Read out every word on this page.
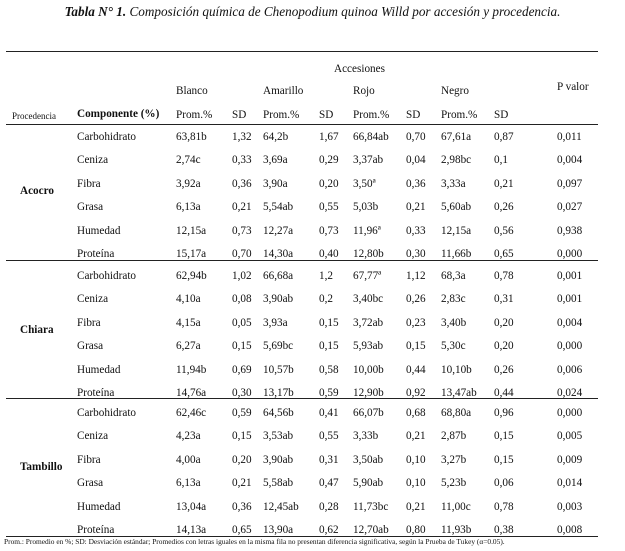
Tabla N° 1. Composición química de Chenopodium quinoa Willd por accesión y procedencia.
Accesiones
P valor
Blanco
Prom.% SD
Amarillo
Prom.% SD
Rojo
Prom.% SD
Negro
Prom.% SD
Procedencia Componente (%)
Acocro
Carbohidrato	63,81b 1,32 64,2b	1,67 66,84ab 0,70 67,61a 0,87	0,011
Ceniza	2,74c	0,33 3,69a	0,29 3,37ab 0,04 2,98bc 0,1	0,004
Fibra	3,92a	0,36 3,90a	0,20 3,50ª	0,36 3,33a	0,21	0,097
Grasa	6,13a	0,21 5,54ab 0,55 5,03b 0,21 5,60ab 0,26	0,027
Humedad	12,15a 0,73 12,27a 0,73 11,96ª 0,33 12,15a 0,56	0,938
Proteína	15,17a 0,70 14,30a 0,40 12,80b 0,30 11,66b 0,65	0,000
Chiara
Carbohidrato	62,94b 1,02 66,68a 1,2 67,77ª 1,12 68,3a	0,78	0,001
Ceniza	4,10a	0,08 3,90ab 0,2 3,40bc 0,26 2,83c	0,31	0,001
Fibra	4,15a	0,05 3,93a	0,15 3,72ab 0,23 3,40b 0,20	0,004
Grasa	6,27a	0,15 5,69bc 0,15 5,93ab 0,15 5,30c	0,20	0,000
Humedad	11,94b 0,69 10,57b 0,58 10,00b 0,44 10,10b 0,26	0,006
Proteína	14,76a 0,30 13,17b 0,59 12,90b 0,92 13,47ab 0,44	0,024
Tambillo
Carbohidrato	62,46c 0,59 64,56b 0,41 66,07b 0,68 68,80a 0,96	0,000
Ceniza	4,23a	0,15 3,53ab 0,55 3,33b 0,21 2,87b 0,15	0,005
Fibra	4,00a	0,20 3,90ab 0,31 3,50ab 0,10 3,27b 0,15	0,009
Grasa	6,13a	0,21 5,58ab 0,47 5,90ab 0,10 5,23b 0,06	0,014
Humedad	13,04a 0,36 12,45ab 0,28 11,73bc 0,21 11,00c 0,78	0,003
Proteína	14,13a 0,65 13,90a 0,62 12,70ab 0,80 11,93b 0,38	0,008
Prom.: Promedio en %; SD: Desviación estándar; Promedios con letras iguales en la misma fila no presentan diferencia significativa, según la Prueba de Tukey (α=0.05).
